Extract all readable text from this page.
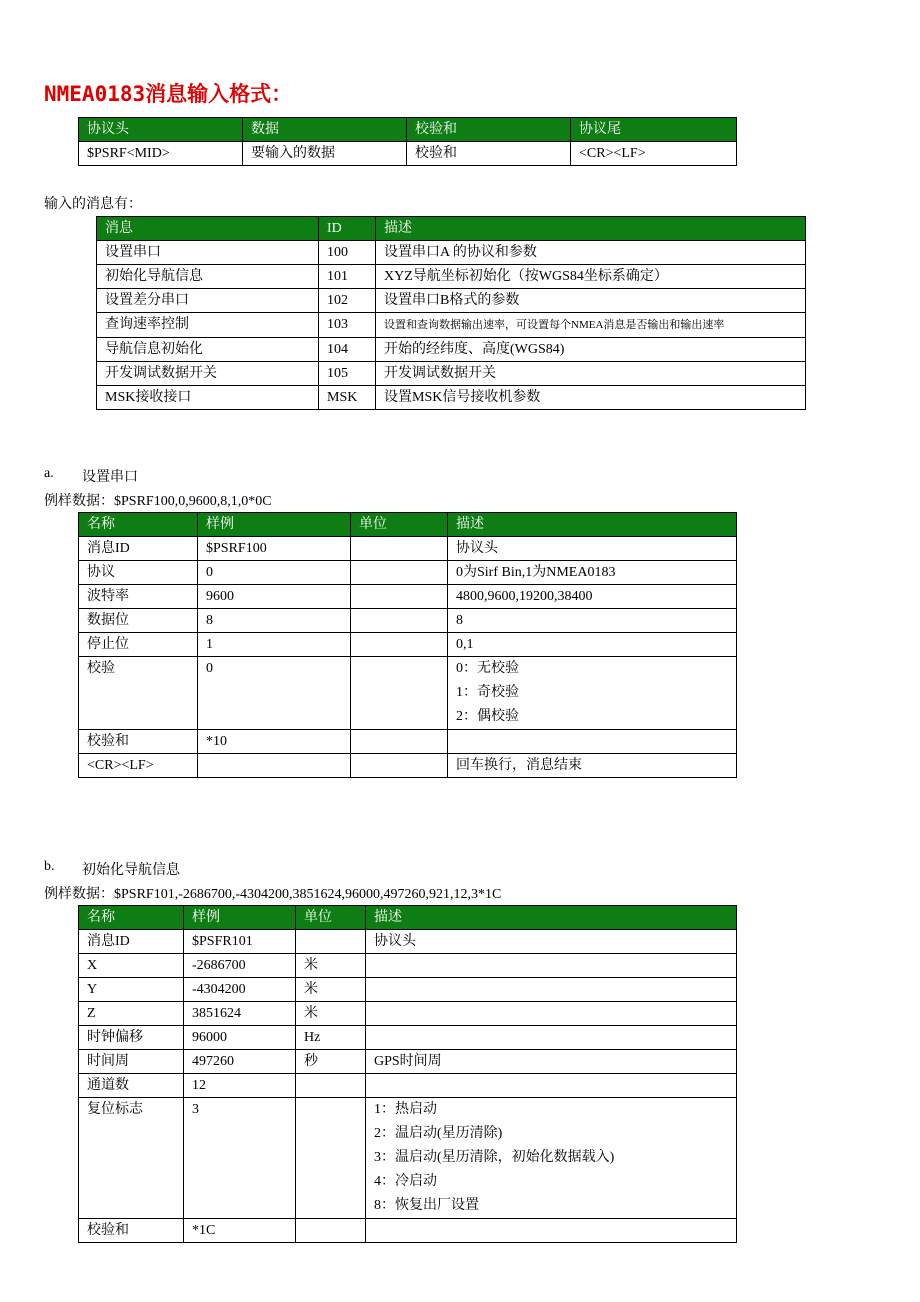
NMEA0183消息输入格式：
协议头	数据	校验和	协议尾
$PSRF<MID>	要输入的数据	校验和	<CR><LF>
输入的消息有：
消息	ID	描述
设置串口	100	设置串口A 的协议和参数
初始化导航信息	101	XYZ导航坐标初始化（按WGS84坐标系确定）
设置差分串口	102	设置串口B格式的参数
查询速率控制	103	设置和查询数据输出速率，可设置每个NMEA消息是否输出和输出速率
导航信息初始化	104	开始的经纬度、高度(WGS84)
开发调试数据开关	105	开发调试数据开关
MSK接收接口	MSK	设置MSK信号接收机参数
a. 设置串口
例样数据：$PSRF100,0,9600,8,1,0*0C
名称	样例	单位	描述
消息ID	$PSRF100		协议头
协议	0		0为Sirf Bin,1为NMEA0183
波特率	9600		4800,9600,19200,38400
数据位	8		8
停止位	1		0,1
校验	0		0：无校验
1：奇校验
2：偶校验

校验和	*10		
<CR><LF>			回车换行，消息结束
b. 初始化导航信息
例样数据：$PSRF101,-2686700,-4304200,3851624,96000,497260,921,12,3*1C
名称	样例	单位	描述
消息ID	$PSFR101		协议头
X	-2686700	米	
Y	-4304200	米	
Z	3851624	米	
时钟偏移	96000	Hz	
时间周	497260	秒	GPS时间周
通道数	12		
复位标志	3		1：热启动
2：温启动(星历清除)
3：温启动(星历清除，初始化数据载入)
4：冷启动
8：恢复出厂设置

校验和	*1C		
